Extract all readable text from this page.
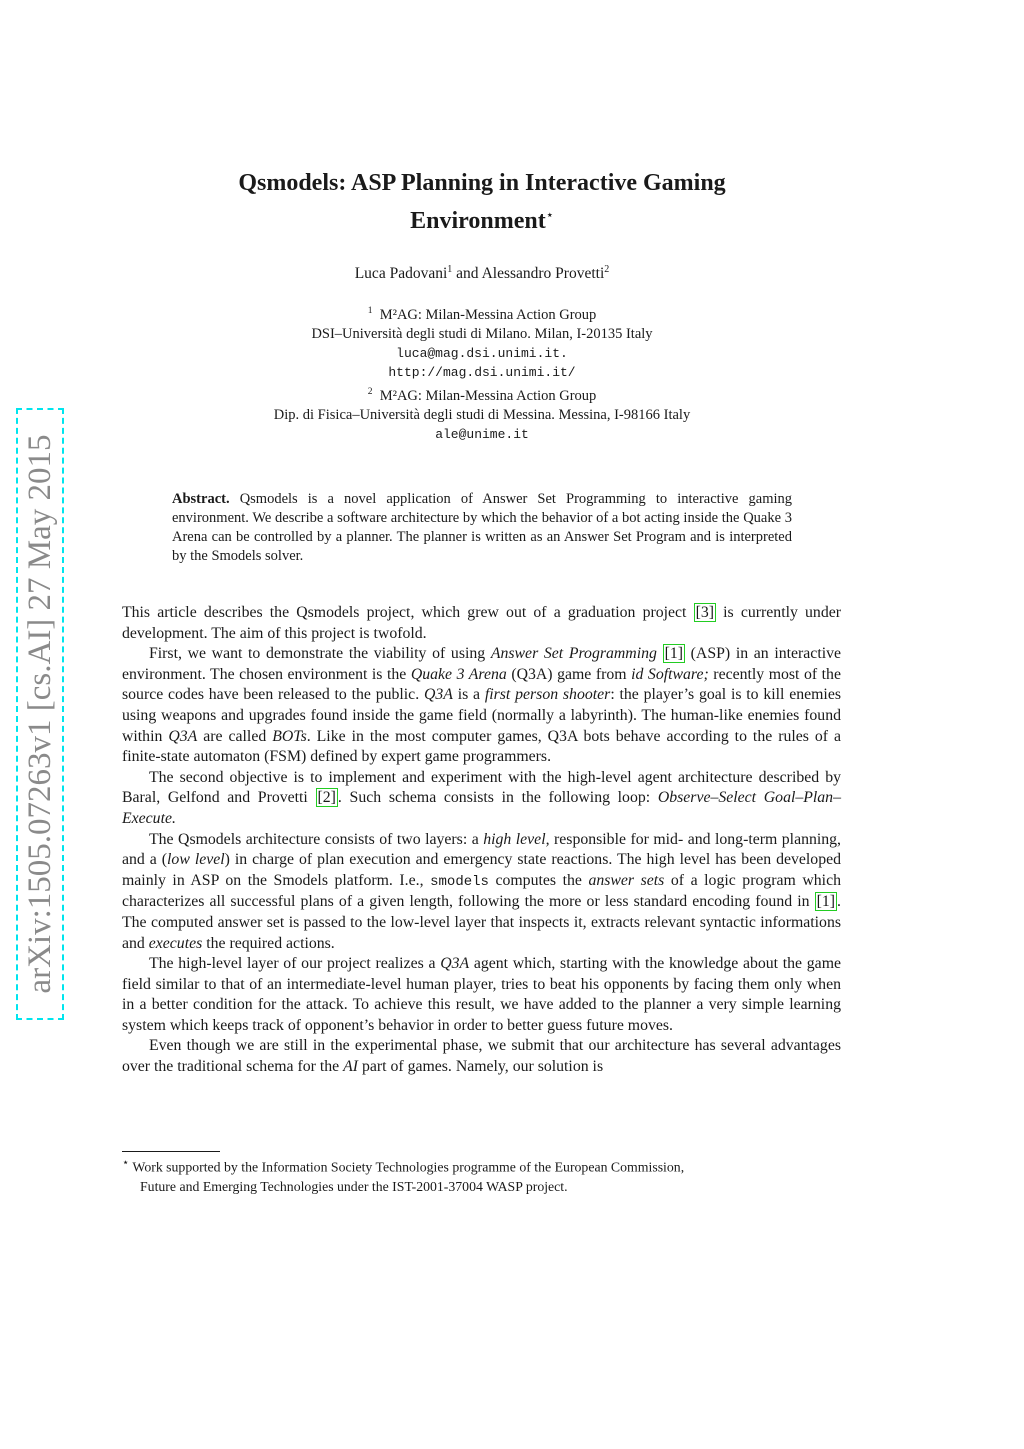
arXiv:1505.07263v1 [cs.AI] 27 May 2015
Qsmodels: ASP Planning in Interactive Gaming
Environment⋆
Luca Padovani$^1$ and Alessandro Provetti$^2$
$^1$ M²AG: Milan-Messina Action Group
DSI–Università degli studi di Milano. Milan, I-20135 Italy
luca@mag.dsi.unimi.it.
http://mag.dsi.unimi.it/
$^2$ M²AG: Milan-Messina Action Group
Dip. di Fisica–Università degli studi di Messina. Messina, I-98166 Italy
ale@unime.it
Abstract. Qsmodels is a novel application of Answer Set Programming to interactive gaming environment. We describe a software architecture by which the behavior of a bot acting inside the Quake 3 Arena can be controlled by a planner. The planner is written as an Answer Set Program and is interpreted by the Smodels solver.

This article describes the Qsmodels project, which grew out of a graduation project [3] is currently under development. The aim of this project is twofold.

First, we want to demonstrate the viability of using Answer Set Programming [1] (ASP) in an interactive environment. The chosen environment is the Quake 3 Arena (Q3A) game from id Software; recently most of the source codes have been released to the public. Q3A is a first person shooter: the player’s goal is to kill enemies using weapons and upgrades found inside the game field (normally a labyrinth). The human-like enemies found within Q3A are called BOTs. Like in the most computer games, Q3A bots behave according to the rules of a finite-state automaton (FSM) defined by expert game programmers.

The second objective is to implement and experiment with the high-level agent architecture described by Baral, Gelfond and Provetti [2] . Such schema consists in the following loop: Observe–Select Goal–Plan–Execute.

The Qsmodels architecture consists of two layers: a high level, responsible for mid- and long-term planning, and a (low level) in charge of plan execution and emergency state reactions. The high level has been developed mainly in ASP on the Smodels platform. I.e., smodels computes the answer sets of a logic program which characterizes all successful plans of a given length, following the more or less standard encoding found in [1] . The computed answer set is passed to the low-level layer that inspects it, extracts relevant syntactic informations and executes the required actions.

The high-level layer of our project realizes a Q3A agent which, starting with the knowledge about the game field similar to that of an intermediate-level human player, tries to beat his opponents by facing them only when in a better condition for the attack. To achieve this result, we have added to the planner a very simple learning system which keeps track of opponent’s behavior in order to better guess future moves.

Even though we are still in the experimental phase, we submit that our architecture has several advantages over the traditional schema for the AI part of games. Namely, our solution is

⋆ Work supported by the Information Society Technologies programme of the European Commission,
Future and Emerging Technologies under the IST-2001-37004 WASP project.
